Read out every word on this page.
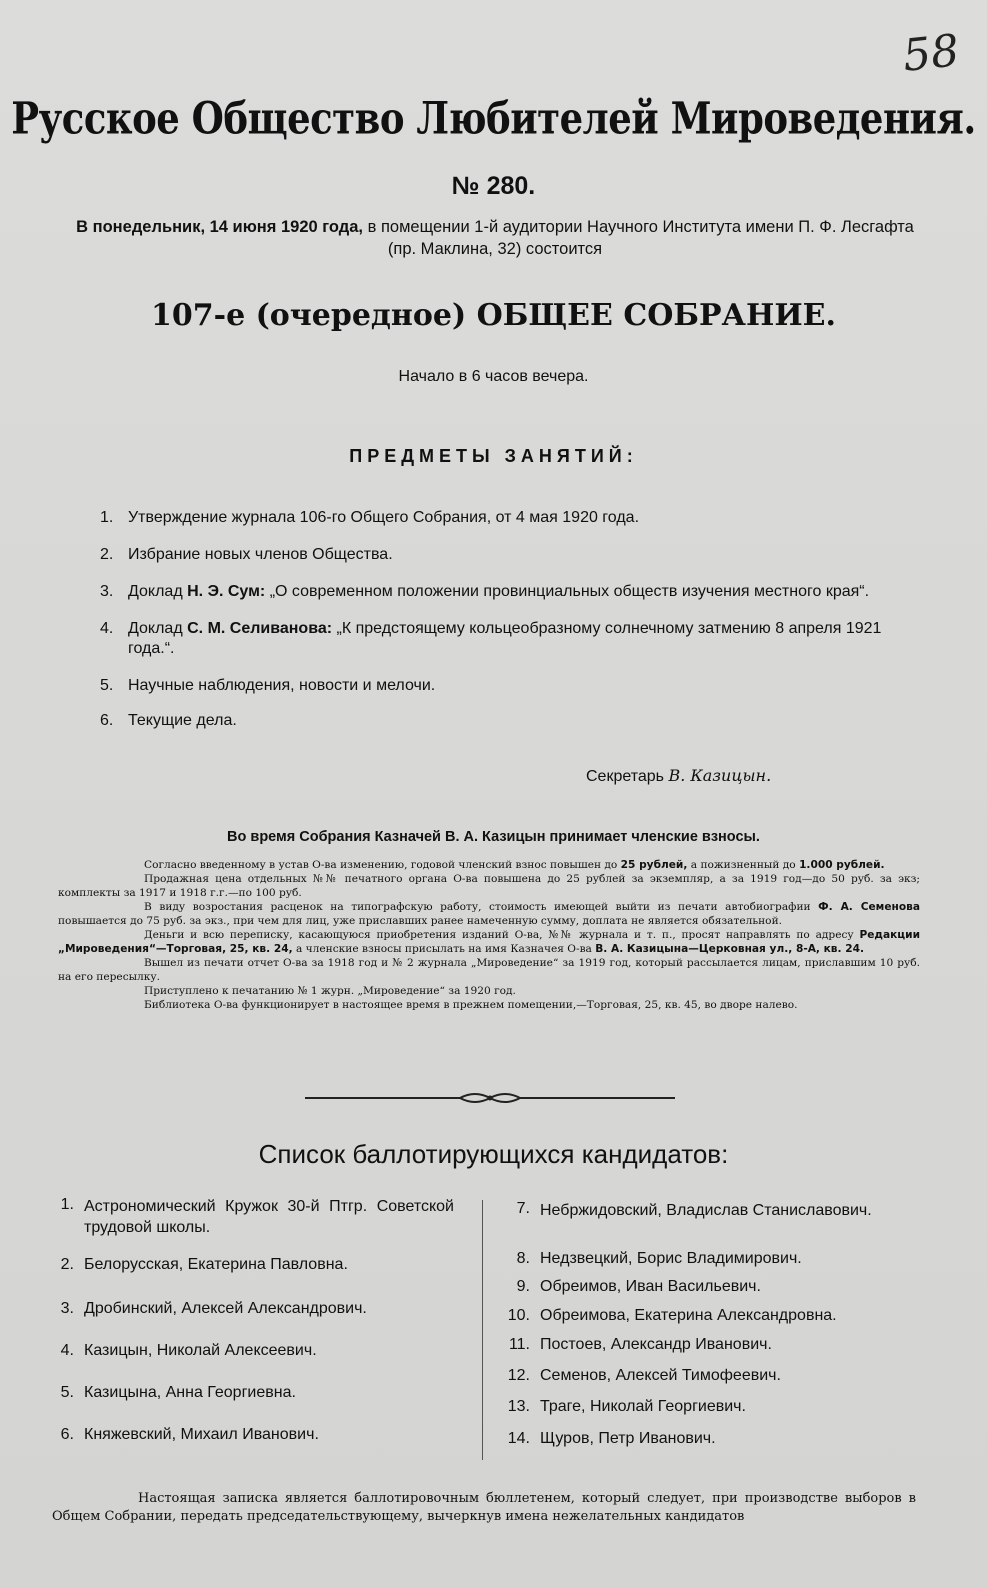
58
Русское Общество Любителей Мироведения.
№ 280.
В понедельник, 14 июня 1920 года, в помещении 1-й аудитории Научного Института имени П. Ф. Лесгафта (пр. Маклина, 32) состоится
107-е (очередное) ОБЩЕЕ СОБРАНИЕ.
Начало в 6 часов вечера.
ПРЕДМЕТЫ ЗАНЯТИЙ:
1. Утверждение журнала 106-го Общего Собрания, от 4 мая 1920 года.
2. Избрание новых членов Общества.
3. Доклад Н. Э. Сум: „О современном положении провинциальных обществ изучения местного края“.
4. Доклад С. М. Селиванова: „К предстоящему кольцеобразному солнечному затмению 8 апреля 1921 года.“.
5. Научные наблюдения, новости и мелочи.
6. Текущие дела.
Секретарь В. Казицын.
Во время Собрания Казначей В. А. Казицын принимает членские взносы.

Согласно введенному в устав О-ва изменению, годовой членский взнос повышен до 25 рублей, а пожизненный до 1.000 рублей.

Продажная цена отдельных №№ печатного органа О-ва повышена до 25 рублей за экземпляр, а за 1919 год—до 50 руб. за экз; комплекты за 1917 и 1918 г.г.—по 100 руб.

В виду возростания расценок на типографскую работу, стоимость имеющей выйти из печати автобиографии Ф. А. Семенова повышается до 75 руб. за экз., при чем для лиц, уже приславших ранее намеченную сумму, доплата не является обязательной.

Деньги и всю переписку, касающуюся приобретения изданий О-ва, №№ журнала и т. п., просят направлять по адресу Редакции „Мироведения“—Торговая, 25, кв. 24, а членские взносы присылать на имя Казначея О-ва В. А. Казицына—Церковная ул., 8-А, кв. 24.

Вышел из печати отчет О-ва за 1918 год и № 2 журнала „Мироведение“ за 1919 год, который рассылается лицам, приславшим 10 руб. на его пересылку.

Приступлено к печатанию № 1 журн. „Мироведение“ за 1920 год.

Библиотека О-ва функционирует в настоящее время в прежнем помещении,—Торговая, 25, кв. 45, во дворе налево.

Список баллотирующихся кандидатов:
1. Астрономический Кружок 30-й Птгр. Советской трудовой школы.
2. Белорусская, Екатерина Павловна.
3. Дробинский, Алексей Александрович.
4. Казицын, Николай Алексеевич.
5. Казицына, Анна Георгиевна.
6. Княжевский, Михаил Иванович.
7. Небржидовский, Владислав Станиславович.
8. Недзвецкий, Борис Владимирович.
9. Обреимов, Иван Васильевич.
10. Обреимова, Екатерина Александровна.
11. Постоев, Александр Иванович.
12. Семенов, Алексей Тимофеевич.
13. Траге, Николай Георгиевич.
14. Щуров, Петр Иванович.
Настоящая записка является баллотировочным бюллетенем, который следует, при производстве выборов в Общем Собрании, передать председательствующему, вычеркнув имена нежелательных кандидатов
